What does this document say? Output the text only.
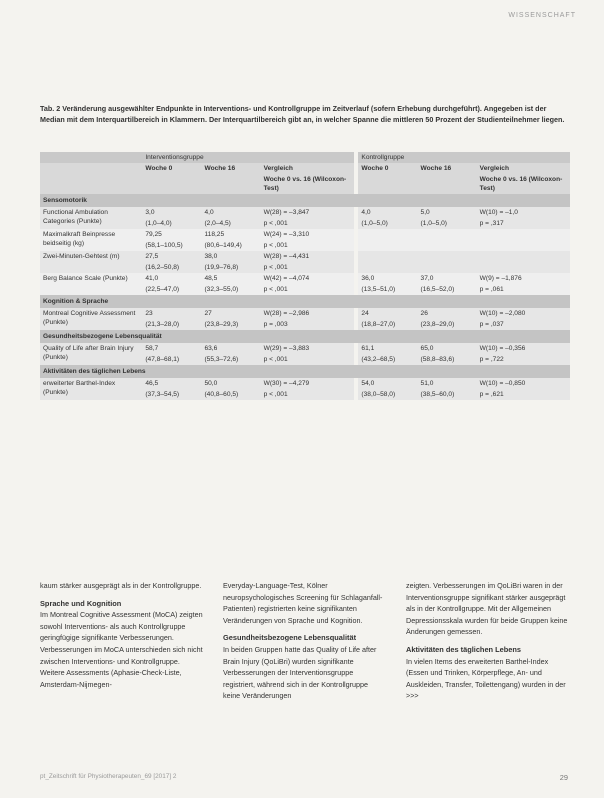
WISSENSCHAFT
Tab. 2 Veränderung ausgewählter Endpunkte in Interventions- und Kontrollgruppe im Zeitverlauf (sofern Erhebung durchgeführt). Angegeben ist der Median mit dem Interquartilbereich in Klammern. Der Interquartilbereich gibt an, in welcher Spanne die mittleren 50 Prozent der Studienteilnehmer liegen.
	Interventionsgruppe				Kontrollgruppe		
	Woche 0	Woche 16	Vergleich		Woche 0	Woche 16	Vergleich
			Woche 0 vs. 16 (Wilcoxon-Test)				Woche 0 vs. 16 (Wilcoxon-Test)
Sensomotorik							
Functional Ambulation Categories (Punkte)	3,0	4,0	W(28) = –3,847		4,0	5,0	W(10) = –1,0
	(1,0–4,0)	(2,0–4,5)	p < ,001		(1,0–5,0)	(1,0–5,0)	p = ,317
Maximalkraft Beinpresse beidseitig (kg)	79,25	118,25	W(24) = –3,310				
	(58,1–100,5)	(80,6–149,4)	p < ,001				
Zwei-Minuten-Gehtest (m)	27,5	38,0	W(28) = –4,431				
	(16,2–50,8)	(19,9–76,8)	p < ,001				
Berg Balance Scale (Punkte)	41,0	48,5	W(42) = –4,074		36,0	37,0	W(9) = –1,876
	(22,5–47,0)	(32,3–55,0)	p < ,001		(13,5–51,0)	(16,5–52,0)	p = ,061
Kognition & Sprache							
Montreal Cognitive Assessment (Punkte)	23	27	W(28) = –2,986		24	26	W(10) = –2,080
	(21,3–28,0)	(23,8–29,3)	p = ,003		(18,8–27,0)	(23,8–29,0)	p = ,037
Gesundheitsbezogene Lebensqualität							
Quality of Life after Brain Injury (Punkte)	58,7	63,6	W(29) = –3,883		61,1	65,0	W(10) = –0,356
	(47,8–68,1)	(55,3–72,6)	p < ,001		(43,2–68,5)	(58,8–83,6)	p = ,722
Aktivitäten des täglichen Lebens							
erweiterter Barthel-Index (Punkte)	46,5	50,0	W(30) = –4,279		54,0	51,0	W(10) = –0,850
	(37,3–54,5)	(40,8–60,5)	p < ,001		(38,0–58,0)	(38,5–60,0)	p = ,621

kaum stärker ausgeprägt als in der Kontrollgruppe.

Sprache und Kognition

Im Montreal Cognitive Assessment (MoCA) zeigten sowohl Interventions- als auch Kontrollgruppe geringfügige signifikante Verbesserungen. Verbesserungen im MoCA unterschieden sich nicht zwischen Interventions- und Kontrollgruppe. Weitere Assessments (Aphasie-Check-Liste, Amsterdam-Nijmegen-

Everyday-Language-Test, Kölner neuropsychologisches Screening für Schlaganfall-Patienten) registrierten keine signifikanten Veränderungen von Sprache und Kognition.

Gesundheitsbezogene Lebensqualität

In beiden Gruppen hatte das Quality of Life after Brain Injury (QoLiBri) wurden signifikante Verbesserungen der Interventionsgruppe registriert, während sich in der Kontrollgruppe keine Veränderungen

zeigten. Verbesserungen im QoLiBri waren in der Interventionsgruppe signifikant stärker ausgeprägt als in der Kontrollgruppe. Mit der Allgemeinen Depressionsskala wurden für beide Gruppen keine Änderungen gemessen.

Aktivitäten des täglichen Lebens

In vielen Items des erweiterten Barthel-Index (Essen und Trinken, Körperpflege, An- und Auskleiden, Transfer, Toilettengang) wurden in der >>>

pt_Zeitschrift für Physiotherapeuten_69 [2017] 2	29
